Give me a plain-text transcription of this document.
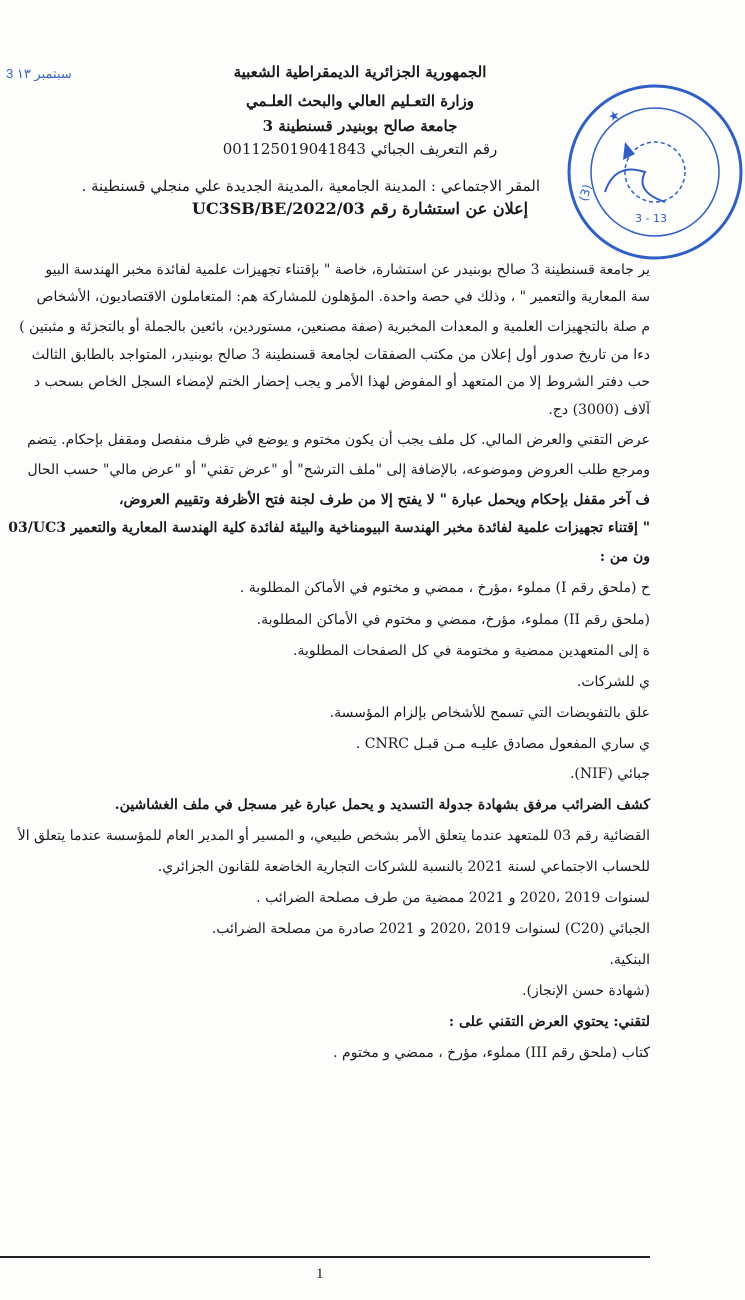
3 ۱۳ سبتمبر
★
(3)
3 - 13
الجمهورية الجزائرية الديمقراطية الشعبية
وزارة التعـليم العالي والبحث العلـمي
جامعة صالح بوبنيدر قسنطينة 3
رقم التعريف الجبائي 001125019041843
المقر الاجتماعي : المدينة الجامعية ،المدينة الجديدة علي منجلي قسنطينة .
إعلان عن استشارة رقم 03/UC3SB/BE/2022
ير جامعة قسنطينة 3 صالح بوبنيدر عن استشارة، خاصة " بإقتناء تجهيزات علمية لفائدة مخبر الهندسة البيو
سة المعارية والتعمير " ، وذلك في حصة واحدة. المؤهلون للمشاركة هم: المتعاملون الاقتصاديون، الأشخاص
م صلة بالتجهيزات العلمية و المعدات المخبرية (صفة مصنعين، مستوردين، بائعين بالجملة أو بالتجزئة و مثبتين )
دءا من تاريخ صدور أول إعلان من مكتب الصفقات لجامعة قسنطينة 3 صالح بوبنيدر، المتواجد بالطابق الثالث
حب دفتر الشروط إلا من المتعهد أو المفوض لهذا الأمر و يجب إحضار الختم لإمضاء السجل الخاص بسحب د
آلاف (3000) دج.
عرض التقني والعرض المالي. كل ملف يجب أن يكون مختوم و يوضع في ظرف منفصل ومقفل بإحكام. يتضم
ومرجع طلب العروض وموضوعه، بالإضافة إلى "ملف الترشح" أو "عرض تقني" أو "عرض مالي" حسب الحال
ف آخر مقفل بإحكام ويحمل عبارة " لا يفتح إلا من طرف لجنة فتح الأظرفة وتقييم العروض،
03/UC3 إقتناء تجهيزات علمية لفائدة مخبر الهندسة البيومناخية والبيئة لفائدة كلية الهندسة المعارية والتعمير "
ون من :
ح (ملحق رقم I) مملوء ،مؤرخ ، ممضي و مختوم في الأماكن المطلوبة .
(ملحق رقم II) مملوء، مؤرخ، ممضي و مختوم في الأماكن المطلوبة.
ة إلى المتعهدين ممضية و مختومة في كل الصفحات المطلوبة.
ي للشركات.
علق بالتفويضات التي تسمح للأشخاص بإلزام المؤسسة.
ي ساري المفعول مصادق عليـه مـن قبـل CNRC .
جبائي (NIF).
كشف الضرائب مرفق بشهادة جدولة التسديد و يحمل عبارة غير مسجل في ملف الغشاشين.
القضائية رقم 03 للمتعهد عندما يتعلق الأمر بشخص طبيعي، و المسير أو المدير العام للمؤسسة عندما يتعلق الأ
للحساب الاجتماعي لسنة 2021 بالنسبة للشركات التجارية الخاضعة للقانون الجزائري.
لسنوات 2019 ،2020 و 2021 ممضية من طرف مصلحة الضرائب .
الجبائي (C20) لسنوات 2019 ،2020 و 2021 صادرة من مصلحة الضرائب.
البنكية.
(شهادة حسن الإنجاز).
لتقني: يحتوي العرض التقني على :
كتاب (ملحق رقم III) مملوء، مؤرخ ، ممضي و مختوم .
1
